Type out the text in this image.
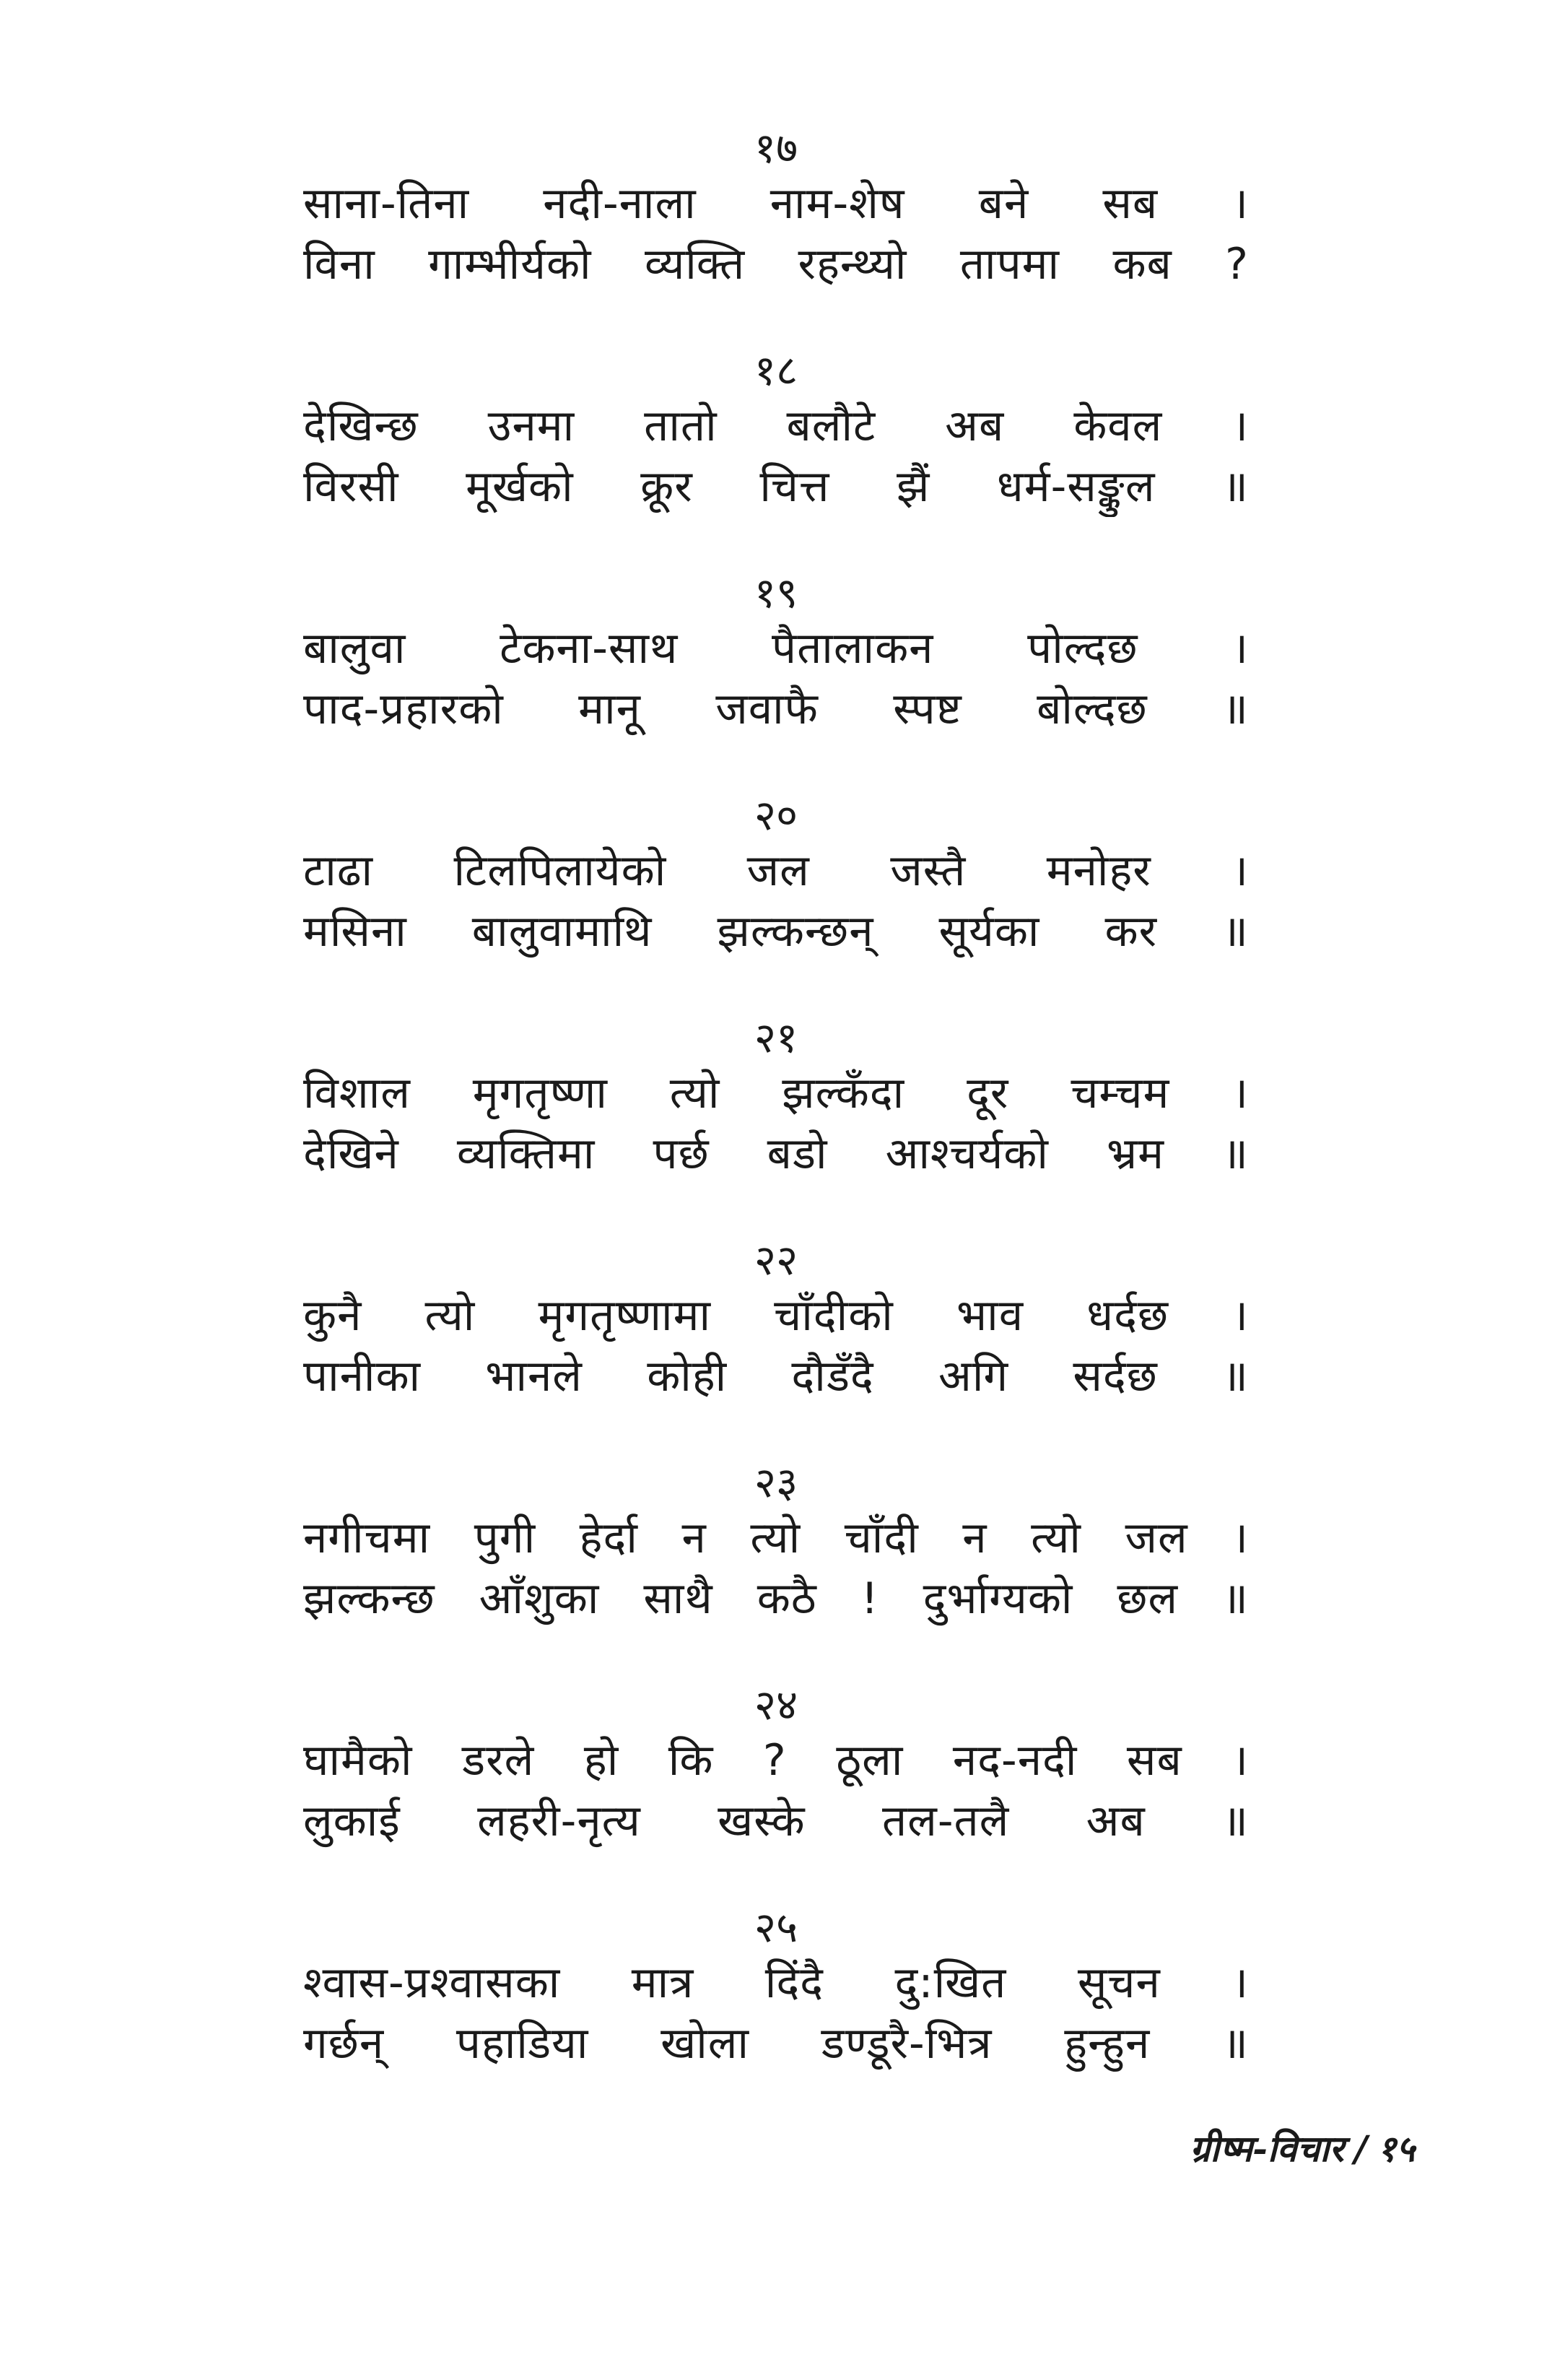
१७
साना-तिना नदी-नाला नाम-शेष बने सब ।
विना गाम्भीर्यको व्यक्ति रहन्थ्यो तापमा कब ?
१८
देखिन्छ उनमा तातो बलौटे अब केवल ।
विरसी मूर्खको क्रूर चित्त झैं धर्म-सङ्कुल ॥
१९
बालुवा टेकना-साथ पैतालाकन पोल्दछ ।
पाद-प्रहारको मानू जवाफै स्पष्ट बोल्दछ ॥
२०
टाढा टिलपिलायेको जल जस्तै मनोहर ।
मसिना बालुवामाथि झल्कन्छन् सूर्यका कर ॥
२१
विशाल मृगतृष्णा त्यो झल्कँदा दूर चम्चम ।
देखिने व्यक्तिमा पर्छ बडो आश्चर्यको भ्रम ॥
२२
कुनै त्यो मृगतृष्णामा चाँदीको भाव धर्दछ ।
पानीका भानले कोही दौडँदै अगि सर्दछ ॥
२३
नगीचमा पुगी हेर्दा न त्यो चाँदी न त्यो जल ।
झल्कन्छ आँशुका साथै कठै ! दुर्भाग्यको छल ॥
२४
घामैको डरले हो कि ? ठूला नद-नदी सब ।
लुकाई लहरी-नृत्य खस्के तल-तलै अब ॥
२५
श्वास-प्रश्वासका मात्र दिंदै दु:खित सूचन ।
गर्छन् पहाडिया खोला डण्डूरै-भित्र हुन्हुन ॥
ग्रीष्म-विचार / १५
